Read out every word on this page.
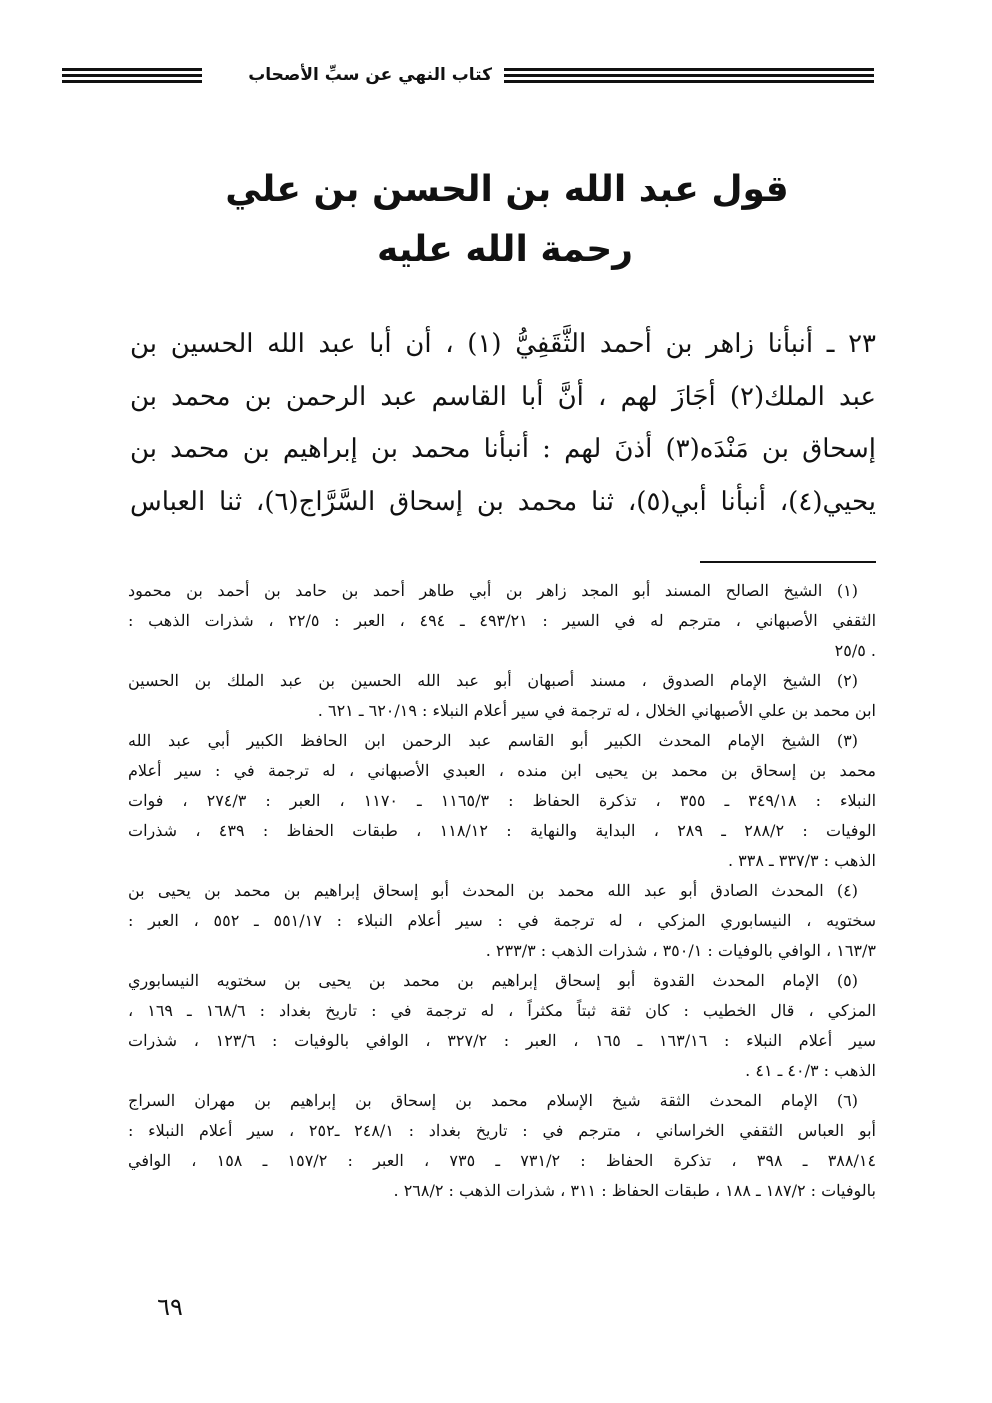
كتاب النهي عن سبِّ الأصحاب
قول عبد الله بن الحسن بن علي
رحمة الله عليه
٢٣ ـ أنبأنا زاهر بن أحمد الثَّقَفِيُّ (١) ، أن أبا عبد الله الحسين بن
عبد الملك(٢) أجَازَ لهم ، أنَّ أبا القاسم عبد الرحمن بن محمد بن
إسحاق بن مَنْدَه(٣) أذنَ لهم : أنبأنا محمد بن إبراهيم بن محمد بن
يحيي(٤)، أنبأنا أبي(٥)، ثنا محمد بن إسحاق السَّرَّاج(٦)، ثنا العباس
(١) الشيخ الصالح المسند أبو المجد زاهر بن أبي طاهر أحمد بن حامد بن أحمد بن محمود
الثقفي الأصبهاني ، مترجم له في السير : ٤٩٣/٢١ ـ ٤٩٤ ، العبر : ٢٢/٥ ، شذرات الذهب :
. ٢٥/٥
(٢) الشيخ الإمام الصدوق ، مسند أصبهان أبو عبد الله الحسين بن عبد الملك بن الحسين
ابن محمد بن علي الأصبهاني الخلال ، له ترجمة في سير أعلام النبلاء : ٦٢٠/١٩ ـ ٦٢١ .
(٣) الشيخ الإمام المحدث الكبير أبو القاسم عبد الرحمن ابن الحافظ الكبير أبي عبد الله
محمد بن إسحاق بن محمد بن يحيى ابن منده ، العبدي الأصبهاني ، له ترجمة في : سير أعلام
النبلاء : ٣٤٩/١٨ ـ ٣٥٥ ، تذكرة الحفاظ : ١١٦٥/٣ ـ ١١٧٠ ، العبر : ٢٧٤/٣ ، فوات
الوفيات : ٢٨٨/٢ ـ ٢٨٩ ، البداية والنهاية : ١١٨/١٢ ، طبقات الحفاظ : ٤٣٩ ، شذرات
الذهب : ٣٣٧/٣ ـ ٣٣٨ .
(٤) المحدث الصادق أبو عبد الله محمد بن المحدث أبو إسحاق إبراهيم بن محمد بن يحيى بن
سختويه ، النيسابوري المزكي ، له ترجمة في : سير أعلام النبلاء : ٥٥١/١٧ ـ ٥٥٢ ، العبر :
١٦٣/٣ ، الوافي بالوفيات : ٣٥٠/١ ، شذرات الذهب : ٢٣٣/٣ .
(٥) الإمام المحدث القدوة أبو إسحاق إبراهيم بن محمد بن يحيى بن سختويه النيسابوري
المزكي ، قال الخطيب : كان ثقة ثبتاً مكثراً ، له ترجمة في : تاريخ بغداد : ١٦٨/٦ ـ ١٦٩ ،
سير أعلام النبلاء : ١٦٣/١٦ ـ ١٦٥ ، العبر : ٣٢٧/٢ ، الوافي بالوفيات : ١٢٣/٦ ، شذرات
الذهب : ٤٠/٣ ـ ٤١ .
(٦) الإمام المحدث الثقة شيخ الإسلام محمد بن إسحاق بن إبراهيم بن مهران السراج
أبو العباس الثقفي الخراساني ، مترجم في : تاريخ بغداد : ٢٤٨/١ ـ٢٥٢ ، سير أعلام النبلاء :
٣٨٨/١٤ ـ ٣٩٨ ، تذكرة الحفاظ : ٧٣١/٢ ـ ٧٣٥ ، العبر : ١٥٧/٢ ـ ١٥٨ ، الوافي
بالوفيات : ١٨٧/٢ ـ ١٨٨ ، طبقات الحفاظ : ٣١١ ، شذرات الذهب : ٢٦٨/٢ .
٦٩
